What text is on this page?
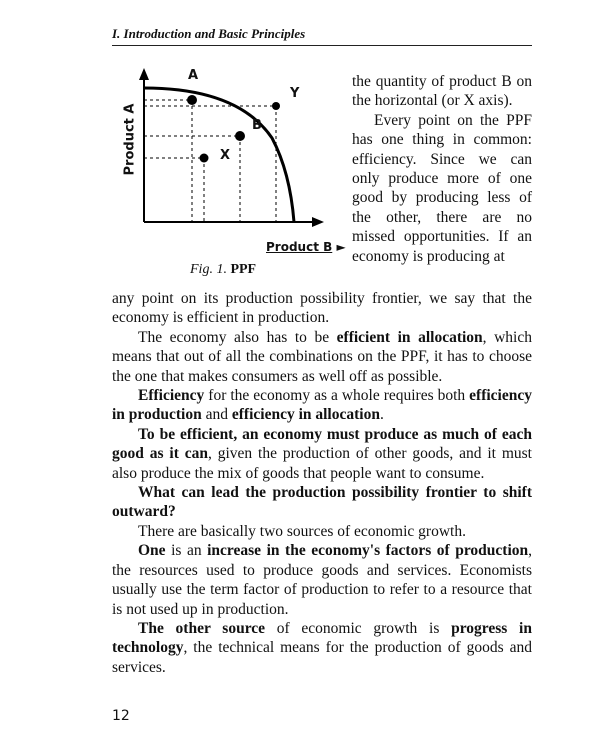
I. Introduction and Basic Principles
Product A
A
B
X
Y
Product B ►
Fig. 1. PPF

the quantity of product B on the horizontal (or X axis).

Every point on the PPF has one thing in common: efficiency. Since we can only produce more of one good by producing less of the other, there are no missed opportunities. If an economy is producing at

any point on its production possibility frontier, we say that the economy is efficient in production.

The economy also has to be efficient in allocation, which means that out of all the combinations on the PPF, it has to choose the one that makes consumers as well off as possible.

Efficiency for the economy as a whole requires both efficiency in production and efficiency in allocation.

To be efficient, an economy must produce as much of each good as it can, given the production of other goods, and it must also produce the mix of goods that people want to consume.

What can lead the production possibility frontier to shift outward?

There are basically two sources of economic growth.

One is an increase in the economy's factors of production, the resources used to produce goods and services. Economists usually use the term factor of production to refer to a resource that is not used up in production.

The other source of economic growth is progress in technology, the technical means for the production of goods and services.

12
